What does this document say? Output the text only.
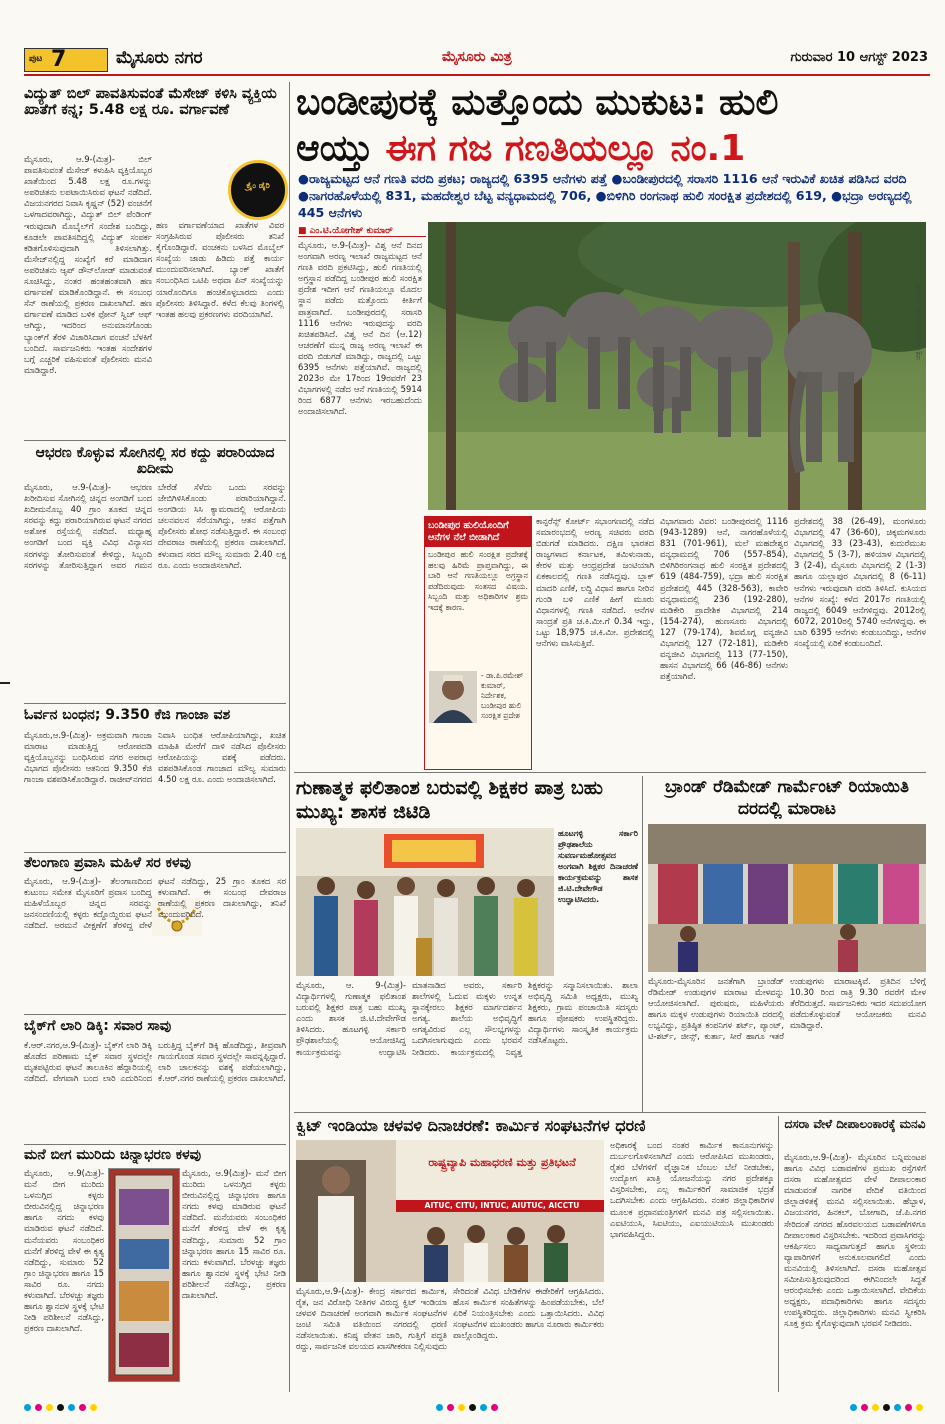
ಪುಟ 7	ಮೈಸೂರು ನಗರ	ಮೈಸೂರು ಮಿತ್ರ	ಗುರುವಾರ 10 ಆಗಸ್ಟ್ 2023
ವಿದ್ಯುತ್ ಬಿಲ್ ಪಾವತಿಸುವಂತೆ ಮೆಸೇಜ್ ಕಳಿಸಿ ವ್ಯಕ್ತಿಯ ಖಾತೆಗೆ ಕನ್ನ; 5.48 ಲಕ್ಷ ರೂ. ವರ್ಗಾವಣೆ
ಕ್ರೈಂ ಡೈರಿ
ಮೈಸೂರು, ಆ.9-(ಮಿತ್ರ)- ಬಿಲ್ ಪಾವತಿಸುವಂತೆ ಮೆಸೇಜ್ ಕಳುಹಿಸಿ ವ್ಯಕ್ತಿಯೊಬ್ಬರ ಖಾತೆಯಿಂದ 5.48 ಲಕ್ಷ ರೂ.ಗಳನ್ನು ಅಪರಿಚಿತನು ಲಪಟಾಯಿಸಿರುವ ಘಟನೆ ನಡೆದಿದೆ. ವಿಜಯನಗರದ ನಿವಾಸಿ ಕೃಷ್ಣನ್ (52) ವಂಚನೆಗೆ ಒಳಗಾದವರಾಗಿದ್ದು, ವಿದ್ಯುತ್ ಬಿಲ್ ಪೆಂಡಿಂಗ್ ಇರುವುದಾಗಿ ಮೊಬೈಲ್‌ಗೆ ಸಂದೇಶ ಬಂದಿದ್ದು, ಕೂಡಲೇ ಪಾವತಿಸದಿದ್ದಲ್ಲಿ ವಿದ್ಯುತ್ ಸಂಪರ್ಕ ಕಡಿತಗೊಳಿಸುವುದಾಗಿ ತಿಳಿಸಲಾಗಿತ್ತು. ಮೆಸೇಜ್‌ನಲ್ಲಿದ್ದ ಸಂಖ್ಯೆಗೆ ಕರೆ ಮಾಡಿದಾಗ ಅಪರಿಚಿತನು ಆ್ಯಪ್ ಡೌನ್‌ಲೋಡ್ ಮಾಡುವಂತೆ ಸೂಚಿಸಿದ್ದು, ನಂತರ ಹಂತಹಂತವಾಗಿ ಹಣ ವರ್ಗಾವಣೆ ಮಾಡಿಕೊಂಡಿದ್ದಾನೆ. ಈ ಸಂಬಂಧ ಸೆನ್ ಠಾಣೆಯಲ್ಲಿ ಪ್ರಕರಣ ದಾಖಲಾಗಿದೆ. ಹಣ ವರ್ಗಾವಣೆ ಮಾಡಿದ ಬಳಿಕ ಫೋನ್ ಸ್ವಿಚ್ ಆಫ್ ಆಗಿದ್ದು, ಇದರಿಂದ ಅನುಮಾನಗೊಂಡು ಬ್ಯಾಂಕ್‌ಗೆ ತೆರಳಿ ವಿಚಾರಿಸಿದಾಗ ವಂಚನೆ ಬೆಳಕಿಗೆ ಬಂದಿದೆ. ಸಾರ್ವಜನಿಕರು ಇಂತಹ ಸಂದೇಶಗಳ ಬಗ್ಗೆ ಎಚ್ಚರಿಕೆ ವಹಿಸುವಂತೆ ಪೊಲೀಸರು ಮನವಿ ಮಾಡಿದ್ದಾರೆ.
ಹಣ ವರ್ಗಾವಣೆಯಾದ ಖಾತೆಗಳ ವಿವರ ಸಂಗ್ರಹಿಸಿರುವ ಪೊಲೀಸರು ತನಿಖೆ ಕೈಗೊಂಡಿದ್ದಾರೆ. ವಂಚಕನು ಬಳಸಿದ ಮೊಬೈಲ್ ಸಂಖ್ಯೆಯ ಜಾಡು ಹಿಡಿದು ಪತ್ತೆ ಕಾರ್ಯ ಮುಂದುವರಿಸಲಾಗಿದೆ. ಬ್ಯಾಂಕ್ ಖಾತೆಗೆ ಸಂಬಂಧಿಸಿದ ಒಟಿಪಿ ಅಥವಾ ಪಿನ್ ಸಂಖ್ಯೆಯನ್ನು ಯಾರೊಂದಿಗೂ ಹಂಚಿಕೊಳ್ಳಬಾರದು ಎಂದು ಪೊಲೀಸರು ತಿಳಿಸಿದ್ದಾರೆ. ಕಳೆದ ಕೆಲವು ತಿಂಗಳಲ್ಲಿ ಇಂತಹ ಹಲವು ಪ್ರಕರಣಗಳು ವರದಿಯಾಗಿವೆ.
ಆಭರಣ ಕೊಳ್ಳುವ ಸೋಗಿನಲ್ಲಿ ಸರ ಕದ್ದು ಪರಾರಿಯಾದ ಖದೀಮ
ಮೈಸೂರು, ಆ.9-(ಮಿತ್ರ)- ಆಭರಣ ಖರೀದಿಸುವ ಸೋಗಿನಲ್ಲಿ ಚಿನ್ನದ ಅಂಗಡಿಗೆ ಬಂದ ಖದೀಮನೊಬ್ಬ 40 ಗ್ರಾಂ ತೂಕದ ಚಿನ್ನದ ಸರವನ್ನು ಕದ್ದು ಪರಾರಿಯಾಗಿರುವ ಘಟನೆ ನಗರದ ಅಶೋಕ ರಸ್ತೆಯಲ್ಲಿ ನಡೆದಿದೆ. ಮಧ್ಯಾಹ್ನ ಅಂಗಡಿಗೆ ಬಂದ ವ್ಯಕ್ತಿ ವಿವಿಧ ವಿನ್ಯಾಸದ ಸರಗಳನ್ನು ತೋರಿಸುವಂತೆ ಕೇಳಿದ್ದು, ಸಿಬ್ಬಂದಿ ಸರಗಳನ್ನು ತೋರಿಸುತ್ತಿದ್ದಾಗ ಅವರ ಗಮನ ಬೇರೆಡೆ ಸೆಳೆದು ಒಂದು ಸರವನ್ನು ಜೇಬಿಗಿಳಿಸಿಕೊಂಡು ಪರಾರಿಯಾಗಿದ್ದಾನೆ. ಅಂಗಡಿಯ ಸಿಸಿ ಕ್ಯಾಮರಾದಲ್ಲಿ ಆರೋಪಿಯ ಚಲನವಲನ ಸೆರೆಯಾಗಿದ್ದು, ಆತನ ಪತ್ತೆಗಾಗಿ ಪೊಲೀಸರು ಶೋಧ ನಡೆಸುತ್ತಿದ್ದಾರೆ. ಈ ಸಂಬಂಧ ದೇವರಾಜ ಠಾಣೆಯಲ್ಲಿ ಪ್ರಕರಣ ದಾಖಲಾಗಿದೆ. ಕಳುವಾದ ಸರದ ಮೌಲ್ಯ ಸುಮಾರು 2.40 ಲಕ್ಷ ರೂ. ಎಂದು ಅಂದಾಜಿಸಲಾಗಿದೆ.
ಓರ್ವನ ಬಂಧನ; 9.350 ಕೆಜಿ ಗಾಂಜಾ ವಶ
ಮೈಸೂರು,ಆ.9-(ಮಿತ್ರ)- ಅಕ್ರಮವಾಗಿ ಗಾಂಜಾ ಮಾರಾಟ ಮಾಡುತ್ತಿದ್ದ ಆರೋಪದಡಿ ವ್ಯಕ್ತಿಯೊಬ್ಬನನ್ನು ಬಂಧಿಸಿರುವ ನಗರ ಅಪರಾಧ ವಿಭಾಗದ ಪೊಲೀಸರು ಆತನಿಂದ 9.350 ಕೆಜಿ ಗಾಂಜಾ ವಶಪಡಿಸಿಕೊಂಡಿದ್ದಾರೆ. ರಾಜೀವ್‌ನಗರದ ನಿವಾಸಿ ಬಂಧಿತ ಆರೋಪಿಯಾಗಿದ್ದು, ಖಚಿತ ಮಾಹಿತಿ ಮೇರೆಗೆ ದಾಳಿ ನಡೆಸಿದ ಪೊಲೀಸರು ಆರೋಪಿಯನ್ನು ವಶಕ್ಕೆ ಪಡೆದರು. ವಶಪಡಿಸಿಕೊಂಡ ಗಾಂಜಾದ ಮೌಲ್ಯ ಸುಮಾರು 4.50 ಲಕ್ಷ ರೂ. ಎಂದು ಅಂದಾಜಿಸಲಾಗಿದೆ.
ತೆಲಂಗಾಣ ಪ್ರವಾಸಿ ಮಹಿಳೆ ಸರ ಕಳವು
ಮೈಸೂರು, ಆ.9-(ಮಿತ್ರ)- ತೆಲಂಗಾಣದಿಂದ ಕುಟುಂಬ ಸಮೇತ ಮೈಸೂರಿಗೆ ಪ್ರವಾಸ ಬಂದಿದ್ದ ಮಹಿಳೆಯೊಬ್ಬರ ಚಿನ್ನದ ಸರವನ್ನು ಜನಸಂದಣಿಯಲ್ಲಿ ಕಳ್ಳರು ಕದ್ದೊಯ್ದಿರುವ ಘಟನೆ ನಡೆದಿದೆ. ಅರಮನೆ ವೀಕ್ಷಣೆಗೆ ತೆರಳಿದ್ದ ವೇಳೆ ಘಟನೆ ನಡೆದಿದ್ದು, 25 ಗ್ರಾಂ ತೂಕದ ಸರ ಕಳುವಾಗಿದೆ. ಈ ಸಂಬಂಧ ದೇವರಾಜ ಠಾಣೆಯಲ್ಲಿ ಪ್ರಕರಣ ದಾಖಲಾಗಿದ್ದು, ತನಿಖೆ ಮುಂದುವರಿದಿದೆ.
ಬೈಕ್‌ಗೆ ಲಾರಿ ಡಿಕ್ಕಿ: ಸವಾರ ಸಾವು
ಕೆ.ಆರ್.ನಗರ,ಆ.9-(ಮಿತ್ರ)- ಬೈಕ್‌ಗೆ ಲಾರಿ ಡಿಕ್ಕಿ ಹೊಡೆದ ಪರಿಣಾಮ ಬೈಕ್ ಸವಾರ ಸ್ಥಳದಲ್ಲೇ ಮೃತಪಟ್ಟಿರುವ ಘಟನೆ ತಾಲೂಕಿನ ಹೆದ್ದಾರಿಯಲ್ಲಿ ನಡೆದಿದೆ. ವೇಗವಾಗಿ ಬಂದ ಲಾರಿ ಎದುರಿನಿಂದ ಬರುತ್ತಿದ್ದ ಬೈಕ್‌ಗೆ ಡಿಕ್ಕಿ ಹೊಡೆದಿದ್ದು, ತೀವ್ರವಾಗಿ ಗಾಯಗೊಂಡ ಸವಾರ ಸ್ಥಳದಲ್ಲೇ ಸಾವನ್ನಪ್ಪಿದ್ದಾರೆ. ಲಾರಿ ಚಾಲಕನನ್ನು ವಶಕ್ಕೆ ಪಡೆಯಲಾಗಿದ್ದು, ಕೆ.ಆರ್.ನಗರ ಠಾಣೆಯಲ್ಲಿ ಪ್ರಕರಣ ದಾಖಲಾಗಿದೆ.
ಮನೆ ಬೀಗ ಮುರಿದು ಚಿನ್ನಾಭರಣ ಕಳವು
ಮೈಸೂರು, ಆ.9(ಮಿತ್ರ)- ಮನೆ ಬೀಗ ಮುರಿದು ಒಳನುಗ್ಗಿದ ಕಳ್ಳರು ಬೀರುವಿನಲ್ಲಿದ್ದ ಚಿನ್ನಾಭರಣ ಹಾಗೂ ನಗದು ಕಳವು ಮಾಡಿರುವ ಘಟನೆ ನಡೆದಿದೆ. ಮನೆಯವರು ಸಂಬಂಧಿಕರ ಮನೆಗೆ ತೆರಳಿದ್ದ ವೇಳೆ ಈ ಕೃತ್ಯ ನಡೆದಿದ್ದು, ಸುಮಾರು 52 ಗ್ರಾಂ ಚಿನ್ನಾಭರಣ ಹಾಗೂ 15 ಸಾವಿರ ರೂ. ನಗದು ಕಳುವಾಗಿದೆ. ಬೆರಳಚ್ಚು ತಜ್ಞರು ಹಾಗೂ ಶ್ವಾನದಳ ಸ್ಥಳಕ್ಕೆ ಭೇಟಿ ನೀಡಿ ಪರಿಶೀಲನೆ ನಡೆಸಿದ್ದು, ಪ್ರಕರಣ ದಾಖಲಾಗಿದೆ.
ಮೈಸೂರು, ಆ.9(ಮಿತ್ರ)- ಮನೆ ಬೀಗ ಮುರಿದು ಒಳನುಗ್ಗಿದ ಕಳ್ಳರು ಬೀರುವಿನಲ್ಲಿದ್ದ ಚಿನ್ನಾಭರಣ ಹಾಗೂ ನಗದು ಕಳವು ಮಾಡಿರುವ ಘಟನೆ ನಡೆದಿದೆ. ಮನೆಯವರು ಸಂಬಂಧಿಕರ ಮನೆಗೆ ತೆರಳಿದ್ದ ವೇಳೆ ಈ ಕೃತ್ಯ ನಡೆದಿದ್ದು, ಸುಮಾರು 52 ಗ್ರಾಂ ಚಿನ್ನಾಭರಣ ಹಾಗೂ 15 ಸಾವಿರ ರೂ. ನಗದು ಕಳುವಾಗಿದೆ. ಬೆರಳಚ್ಚು ತಜ್ಞರು ಹಾಗೂ ಶ್ವಾನದಳ ಸ್ಥಳಕ್ಕೆ ಭೇಟಿ ನೀಡಿ ಪರಿಶೀಲನೆ ನಡೆಸಿದ್ದು, ಪ್ರಕರಣ ದಾಖಲಾಗಿದೆ.
ಬಂಡೀಪುರಕ್ಕೆ ಮತ್ತೊಂದು ಮುಕುಟ: ಹುಲಿ
ಆಯ್ತು ಈಗ ಗಜ ಗಣತಿಯಲ್ಲೂ ನಂ.1
●ರಾಜ್ಯಮಟ್ಟದ ಆನೆ ಗಣತಿ ವರದಿ ಪ್ರಕಟ; ರಾಜ್ಯದಲ್ಲಿ 6395 ಆನೆಗಳು ಪತ್ತೆ ●ಬಂಡೀಪುರದಲ್ಲಿ ಸರಾಸರಿ 1116 ಆನೆ ಇರುವಿಕೆ ಖಚಿತ ಪಡಿಸಿದ ವರದಿ ●ನಾಗರಹೊಳೆಯಲ್ಲಿ 831, ಮಹದೇಶ್ವರ ಬೆಟ್ಟ ವನ್ಯಧಾಮದಲ್ಲಿ 706, ●ಬಿಳಿಗಿರಿ ರಂಗನಾಥ ಹುಲಿ ಸಂರಕ್ಷಿತ ಪ್ರದೇಶದಲ್ಲಿ 619, ●ಭದ್ರಾ ಅರಣ್ಯದಲ್ಲಿ 445 ಆನೆಗಳು
■ ಎಂ.ಟಿ.ಯೋಗೇಶ್ ಕುಮಾರ್
ಮೈಸೂರು, ಆ.9-(ಮಿತ್ರ)- ವಿಶ್ವ ಆನೆ ದಿನದ ಅಂಗವಾಗಿ ಅರಣ್ಯ ಇಲಾಖೆ ರಾಜ್ಯಮಟ್ಟದ ಆನೆ ಗಣತಿ ವರದಿ ಪ್ರಕಟಿಸಿದ್ದು, ಹುಲಿ ಗಣತಿಯಲ್ಲಿ ಅಗ್ರಸ್ಥಾನ ಪಡೆದಿದ್ದ ಬಂಡೀಪುರ ಹುಲಿ ಸಂರಕ್ಷಿತ ಪ್ರದೇಶ ಇದೀಗ ಆನೆ ಗಣತಿಯಲ್ಲೂ ಮೊದಲ ಸ್ಥಾನ ಪಡೆದು ಮತ್ತೊಂದು ಕೀರ್ತಿಗೆ ಪಾತ್ರವಾಗಿದೆ. ಬಂಡೀಪುರದಲ್ಲಿ ಸರಾಸರಿ 1116 ಆನೆಗಳು ಇರುವುದನ್ನು ವರದಿ ಖಚಿತಪಡಿಸಿದೆ. ವಿಶ್ವ ಆನೆ ದಿನ (ಆ.12) ಆಚರಣೆಗೆ ಮುನ್ನ ರಾಜ್ಯ ಅರಣ್ಯ ಇಲಾಖೆ ಈ ವರದಿ ಬಿಡುಗಡೆ ಮಾಡಿದ್ದು, ರಾಜ್ಯದಲ್ಲಿ ಒಟ್ಟು 6395 ಆನೆಗಳು ಪತ್ತೆಯಾಗಿವೆ. ರಾಜ್ಯದಲ್ಲಿ 2023ರ ಮೇ 17ರಿಂದ 19ರವರೆಗೆ 23 ವಿಭಾಗಗಳಲ್ಲಿ ನಡೆದ ಆನೆ ಗಣತಿಯಲ್ಲಿ 5914 ರಿಂದ 6877 ಆನೆಗಳು ಇರಬಹುದೆಂದು ಅಂದಾಜಿಸಲಾಗಿದೆ.
ಚಿತ್ರ: ಎಂ.ಟಿ.ಯೋಗೇಶ್ ಕುಮಾರ್
ಬಂಡೀಪುರ ಹುಲಿಯೊಂದಿಗೆ ಆನೆಗಳ ನೆಲೆ ಬೀಡಾಗಿದೆ
ಬಂಡೀಪುರ ಹುಲಿ ಸಂರಕ್ಷಿತ ಪ್ರದೇಶಕ್ಕೆ ಹಲವು ಹಿರಿಮೆ ಪ್ರಾಪ್ತವಾಗಿದ್ದು, ಈ ಬಾರಿ ಆನೆ ಗಣತಿಯಲ್ಲೂ ಅಗ್ರಸ್ಥಾನ ಪಡೆದಿರುವುದು ಸಂತಸದ ವಿಷಯ. ಸಿಬ್ಬಂದಿ ಮತ್ತು ಅಧಿಕಾರಿಗಳ ಶ್ರಮ ಇದಕ್ಕೆ ಕಾರಣ.
- ಡಾ.ಪಿ.ರಮೇಶ್ ಕುಮಾರ್, ನಿರ್ದೇಶಕ, ಬಂಡೀಪುರ ಹುಲಿ ಸಂರಕ್ಷಿತ ಪ್ರದೇಶ
ಕಾನ್ಫರೆನ್ಸ್ ಕೋರ್ಟ್ ಸಭಾಂಗಣದಲ್ಲಿ ನಡೆದ ಸಮಾರಂಭದಲ್ಲಿ ಅರಣ್ಯ ಸಚಿವರು ವರದಿ ಬಿಡುಗಡೆ ಮಾಡಿದರು. ದಕ್ಷಿಣ ಭಾರತದ ರಾಜ್ಯಗಳಾದ ಕರ್ನಾಟಕ, ತಮಿಳುನಾಡು, ಕೇರಳ ಮತ್ತು ಆಂಧ್ರಪ್ರದೇಶ ಜಂಟಿಯಾಗಿ ಏಕಕಾಲದಲ್ಲಿ ಗಣತಿ ನಡೆಸಿದ್ದವು. ಬ್ಲಾಕ್ ಮಾದರಿ ಎಣಿಕೆ, ಲದ್ದಿ ವಿಧಾನ ಹಾಗೂ ನೀರಿನ ಗುಂಡಿ ಬಳಿ ಎಣಿಕೆ ಹೀಗೆ ಮೂರು ವಿಧಾನಗಳಲ್ಲಿ ಗಣತಿ ನಡೆದಿದೆ. ಆನೆಗಳ ಸಾಂದ್ರತೆ ಪ್ರತಿ ಚ.ಕಿ.ಮೀ.ಗೆ 0.34 ಇದ್ದು, ಒಟ್ಟು 18,975 ಚ.ಕಿ.ಮೀ. ಪ್ರದೇಶದಲ್ಲಿ ಆನೆಗಳು ವಾಸಿಸುತ್ತಿವೆ.
ವಿಭಾಗವಾರು ವಿವರ: ಬಂಡೀಪುರದಲ್ಲಿ 1116 (943-1289) ಆನೆ, ನಾಗರಹೊಳೆಯಲ್ಲಿ 831 (701-961), ಮಲೆ ಮಹದೇಶ್ವರ ವನ್ಯಧಾಮದಲ್ಲಿ 706 (557-854), ಬಿಳಿಗಿರಿರಂಗನಾಥ ಹುಲಿ ಸಂರಕ್ಷಿತ ಪ್ರದೇಶದಲ್ಲಿ 619 (484-759), ಭದ್ರಾ ಹುಲಿ ಸಂರಕ್ಷಿತ ಪ್ರದೇಶದಲ್ಲಿ 445 (328-563), ಕಾವೇರಿ ವನ್ಯಧಾಮದಲ್ಲಿ 236 (192-280), ಮಡಿಕೇರಿ ಪ್ರಾದೇಶಿಕ ವಿಭಾಗದಲ್ಲಿ 214 (154-274), ಹುಣಸೂರು ವಿಭಾಗದಲ್ಲಿ 127 (79-174), ಶಿವಮೊಗ್ಗ ವನ್ಯಜೀವಿ ವಿಭಾಗದಲ್ಲಿ 127 (72-181), ಮಡಿಕೇರಿ ವನ್ಯಜೀವಿ ವಿಭಾಗದಲ್ಲಿ 113 (77-150), ಹಾಸನ ವಿಭಾಗದಲ್ಲಿ 66 (46-86) ಆನೆಗಳು ಪತ್ತೆಯಾಗಿವೆ.
ಪ್ರದೇಶದಲ್ಲಿ 38 (26-49), ಮಂಗಳೂರು ವಿಭಾಗದಲ್ಲಿ 47 (36-60), ಚಿಕ್ಕಮಗಳೂರು ವಿಭಾಗದಲ್ಲಿ 33 (23-43), ಕುದುರೆಮುಖ ವಿಭಾಗದಲ್ಲಿ 5 (3-7), ಹಳಿಯಾಳ ವಿಭಾಗದಲ್ಲಿ 3 (2-4), ಮೈಸೂರು ವಿಭಾಗದಲ್ಲಿ 2 (1-3) ಹಾಗೂ ಯಲ್ಲಾಪುರ ವಿಭಾಗದಲ್ಲಿ 8 (6-11) ಆನೆಗಳು ಇರುವುದಾಗಿ ವರದಿ ತಿಳಿಸಿದೆ. ಕುಸಿಯದ ಆನೆಗಳ ಸಂಖ್ಯೆ: ಕಳೆದ 2017ರ ಗಣತಿಯಲ್ಲಿ ರಾಜ್ಯದಲ್ಲಿ 6049 ಆನೆಗಳಿದ್ದವು. 2012ರಲ್ಲಿ 6072, 2010ರಲ್ಲಿ 5740 ಆನೆಗಳಿದ್ದವು. ಈ ಬಾರಿ 6395 ಆನೆಗಳು ಕಂಡುಬಂದಿದ್ದು, ಆನೆಗಳ ಸಂಖ್ಯೆಯಲ್ಲಿ ಏರಿಕೆ ಕಂಡುಬಂದಿದೆ.
ಗುಣಾತ್ಮಕ ಫಲಿತಾಂಶ ಬರುವಲ್ಲಿ ಶಿಕ್ಷಕರ ಪಾತ್ರ ಬಹು ಮುಖ್ಯ: ಶಾಸಕ ಜಿಟಿಡಿ
ಹೂಟಗಳ್ಳಿ ಸರ್ಕಾರಿ ಪ್ರೌಢಶಾಲೆಯ ಸುವರ್ಣಮಹೋತ್ಸವದ ಅಂಗವಾಗಿ ಶಿಕ್ಷಕರ ದಿನಾಚರಣೆ ಕಾರ್ಯಕ್ರಮವನ್ನು ಶಾಸಕ ಜಿ.ಟಿ.ದೇವೇಗೌಡ ಉದ್ಘಾಟಿಸಿದರು.
ಮೈಸೂರು, ಆ. 9-(ಮಿತ್ರ)- ವಿದ್ಯಾರ್ಥಿಗಳಲ್ಲಿ ಗುಣಾತ್ಮಕ ಫಲಿತಾಂಶ ಬರುವಲ್ಲಿ ಶಿಕ್ಷಕರ ಪಾತ್ರ ಬಹು ಮುಖ್ಯ ಎಂದು ಶಾಸಕ ಜಿ.ಟಿ.ದೇವೇಗೌಡ ತಿಳಿಸಿದರು. ಹೂಟಗಳ್ಳಿ ಸರ್ಕಾರಿ ಪ್ರೌಢಶಾಲೆಯಲ್ಲಿ ಆಯೋಜಿಸಿದ್ದ ಕಾರ್ಯಕ್ರಮವನ್ನು ಉದ್ಘಾಟಿಸಿ ಮಾತನಾಡಿದ ಅವರು, ಸರ್ಕಾರಿ ಶಾಲೆಗಳಲ್ಲಿ ಓದುವ ಮಕ್ಕಳು ಉನ್ನತ ಸ್ಥಾನಕ್ಕೇರಲು ಶಿಕ್ಷಕರ ಮಾರ್ಗದರ್ಶನ ಅಗತ್ಯ. ಶಾಲೆಯ ಅಭಿವೃದ್ಧಿಗೆ ಅಗತ್ಯವಿರುವ ಎಲ್ಲ ಸೌಲಭ್ಯಗಳನ್ನು ಒದಗಿಸಲಾಗುವುದು ಎಂದು ಭರವಸೆ ನೀಡಿದರು. ಕಾರ್ಯಕ್ರಮದಲ್ಲಿ ನಿವೃತ್ತ ಶಿಕ್ಷಕರನ್ನು ಸನ್ಮಾನಿಸಲಾಯಿತು. ಶಾಲಾ ಅಭಿವೃದ್ಧಿ ಸಮಿತಿ ಅಧ್ಯಕ್ಷರು, ಮುಖ್ಯ ಶಿಕ್ಷಕರು, ಗ್ರಾಮ ಪಂಚಾಯಿತಿ ಸದಸ್ಯರು ಹಾಗೂ ಪೋಷಕರು ಉಪಸ್ಥಿತರಿದ್ದರು. ವಿದ್ಯಾರ್ಥಿಗಳು ಸಾಂಸ್ಕೃತಿಕ ಕಾರ್ಯಕ್ರಮ ನಡೆಸಿಕೊಟ್ಟರು.
ಬ್ರಾಂಡ್ ರೆಡಿಮೇಡ್ ಗಾರ್ಮೆಂಟ್ ರಿಯಾಯಿತಿ ದರದಲ್ಲಿ ಮಾರಾಟ
ಮೈಸೂರು-ಮೈಸೂರಿನ ಜನತೆಗಾಗಿ ಬ್ರಾಂಡೆಡ್ ರೆಡಿಮೇಡ್ ಉಡುಪುಗಳ ಮಾರಾಟ ಮೇಳವನ್ನು ಆಯೋಜಿಸಲಾಗಿದೆ. ಪುರುಷರು, ಮಹಿಳೆಯರು ಹಾಗೂ ಮಕ್ಕಳ ಉಡುಪುಗಳು ರಿಯಾಯಿತಿ ದರದಲ್ಲಿ ಲಭ್ಯವಿದ್ದು, ಪ್ರತಿಷ್ಠಿತ ಕಂಪನಿಗಳ ಶರ್ಟ್, ಪ್ಯಾಂಟ್, ಟಿ-ಶರ್ಟ್, ಜೀನ್ಸ್, ಕುರ್ತಾ, ಸೀರೆ ಹಾಗೂ ಇತರೆ ಉಡುಪುಗಳು ಮಾರಾಟಕ್ಕಿವೆ. ಪ್ರತಿದಿನ ಬೆಳಿಗ್ಗೆ 10.30 ರಿಂದ ರಾತ್ರಿ 9.30 ರವರೆಗೆ ಮೇಳ ತೆರೆದಿರುತ್ತದೆ. ಸಾರ್ವಜನಿಕರು ಇದರ ಸದುಪಯೋಗ ಪಡೆದುಕೊಳ್ಳುವಂತೆ ಆಯೋಜಕರು ಮನವಿ ಮಾಡಿದ್ದಾರೆ.
ಕ್ವಿಟ್ ಇಂಡಿಯಾ ಚಳವಳಿ ದಿನಾಚರಣೆ: ಕಾರ್ಮಿಕ ಸಂಘಟನೆಗಳ ಧರಣಿ
ರಾಷ್ಟ್ರವ್ಯಾಪಿ ಮಹಾಧರಣಿ ಮತ್ತು ಪ್ರತಿಭಟನೆ
AITUC, CITU, INTUC, AIUTUC, AICCTU
ಮೈಸೂರು,ಆ.9-(ಮಿತ್ರ)- ಕೇಂದ್ರ ಸರ್ಕಾರದ ಕಾರ್ಮಿಕ, ರೈತ, ಜನ ವಿರೋಧಿ ನೀತಿಗಳ ವಿರುದ್ಧ ಕ್ವಿಟ್ ಇಂಡಿಯಾ ಚಳವಳಿ ದಿನಾಚರಣೆ ಅಂಗವಾಗಿ ಕಾರ್ಮಿಕ ಸಂಘಟನೆಗಳ ಜಂಟಿ ಸಮಿತಿ ವತಿಯಿಂದ ನಗರದಲ್ಲಿ ಧರಣಿ ನಡೆಸಲಾಯಿತು. ಕನಿಷ್ಠ ವೇತನ ಜಾರಿ, ಗುತ್ತಿಗೆ ಪದ್ಧತಿ ರದ್ದು, ಸಾರ್ವಜನಿಕ ವಲಯದ ಖಾಸಗೀಕರಣ ನಿಲ್ಲಿಸುವುದು ಸೇರಿದಂತೆ ವಿವಿಧ ಬೇಡಿಕೆಗಳ ಈಡೇರಿಕೆಗೆ ಆಗ್ರಹಿಸಿದರು. ಹೊಸ ಕಾರ್ಮಿಕ ಸಂಹಿತೆಗಳನ್ನು ಹಿಂಪಡೆಯಬೇಕು, ಬೆಲೆ ಏರಿಕೆ ನಿಯಂತ್ರಿಸಬೇಕು ಎಂದು ಒತ್ತಾಯಿಸಿದರು. ವಿವಿಧ ಸಂಘಟನೆಗಳ ಮುಖಂಡರು ಹಾಗೂ ನೂರಾರು ಕಾರ್ಮಿಕರು ಪಾಲ್ಗೊಂಡಿದ್ದರು.
ಅಧಿಕಾರಕ್ಕೆ ಬಂದ ನಂತರ ಕಾರ್ಮಿಕ ಕಾನೂನುಗಳನ್ನು ದುರ್ಬಲಗೊಳಿಸಲಾಗಿದೆ ಎಂದು ಆರೋಪಿಸಿದ ಮುಖಂಡರು, ರೈತರ ಬೆಳೆಗಳಿಗೆ ವೈಜ್ಞಾನಿಕ ಬೆಂಬಲ ಬೆಲೆ ನೀಡಬೇಕು, ಉದ್ಯೋಗ ಖಾತ್ರಿ ಯೋಜನೆಯನ್ನು ನಗರ ಪ್ರದೇಶಕ್ಕೂ ವಿಸ್ತರಿಸಬೇಕು, ಎಲ್ಲ ಕಾರ್ಮಿಕರಿಗೆ ಸಾಮಾಜಿಕ ಭದ್ರತೆ ಒದಗಿಸಬೇಕು ಎಂದು ಆಗ್ರಹಿಸಿದರು. ನಂತರ ಜಿಲ್ಲಾಧಿಕಾರಿಗಳ ಮೂಲಕ ಪ್ರಧಾನಮಂತ್ರಿಗಳಿಗೆ ಮನವಿ ಪತ್ರ ಸಲ್ಲಿಸಲಾಯಿತು. ಎಐಟಿಯುಸಿ, ಸಿಐಟಿಯು, ಎಐಯುಟಿಯುಸಿ ಮುಖಂಡರು ಭಾಗವಹಿಸಿದ್ದರು.
ದಸರಾ ವೇಳೆ ದೀಪಾಲಂಕಾರಕ್ಕೆ ಮನವಿ
ಮೈಸೂರು,ಆ.9-(ಮಿತ್ರ)- ಮೈಸೂರಿನ ಬನ್ನಿಮಂಟಪ ಹಾಗೂ ವಿವಿಧ ಬಡಾವಣೆಗಳ ಪ್ರಮುಖ ರಸ್ತೆಗಳಿಗೆ ದಸರಾ ಮಹೋತ್ಸವದ ವೇಳೆ ದೀಪಾಲಂಕಾರ ಮಾಡುವಂತೆ ನಾಗರಿಕ ವೇದಿಕೆ ವತಿಯಿಂದ ಜಿಲ್ಲಾಡಳಿತಕ್ಕೆ ಮನವಿ ಸಲ್ಲಿಸಲಾಯಿತು. ಹೆಬ್ಬಾಳ, ವಿಜಯನಗರ, ಹಿನಕಲ್, ಬೋಗಾದಿ, ಜೆ.ಪಿ.ನಗರ ಸೇರಿದಂತೆ ನಗರದ ಹೊರವಲಯದ ಬಡಾವಣೆಗಳಿಗೂ ದೀಪಾಲಂಕಾರ ವಿಸ್ತರಿಸಬೇಕು. ಇದರಿಂದ ಪ್ರವಾಸಿಗರನ್ನು ಆಕರ್ಷಿಸಲು ಸಾಧ್ಯವಾಗುತ್ತದೆ ಹಾಗೂ ಸ್ಥಳೀಯ ವ್ಯಾಪಾರಿಗಳಿಗೆ ಅನುಕೂಲವಾಗಲಿದೆ ಎಂದು ಮನವಿಯಲ್ಲಿ ತಿಳಿಸಲಾಗಿದೆ. ದಸರಾ ಮಹೋತ್ಸವ ಸಮೀಪಿಸುತ್ತಿರುವುದರಿಂದ ಈಗಿನಿಂದಲೇ ಸಿದ್ಧತೆ ಆರಂಭಿಸಬೇಕು ಎಂದು ಒತ್ತಾಯಿಸಲಾಗಿದೆ. ವೇದಿಕೆಯ ಅಧ್ಯಕ್ಷರು, ಪದಾಧಿಕಾರಿಗಳು ಹಾಗೂ ಸದಸ್ಯರು ಉಪಸ್ಥಿತರಿದ್ದರು. ಜಿಲ್ಲಾಧಿಕಾರಿಗಳು ಮನವಿ ಸ್ವೀಕರಿಸಿ ಸೂಕ್ತ ಕ್ರಮ ಕೈಗೊಳ್ಳುವುದಾಗಿ ಭರವಸೆ ನೀಡಿದರು.
